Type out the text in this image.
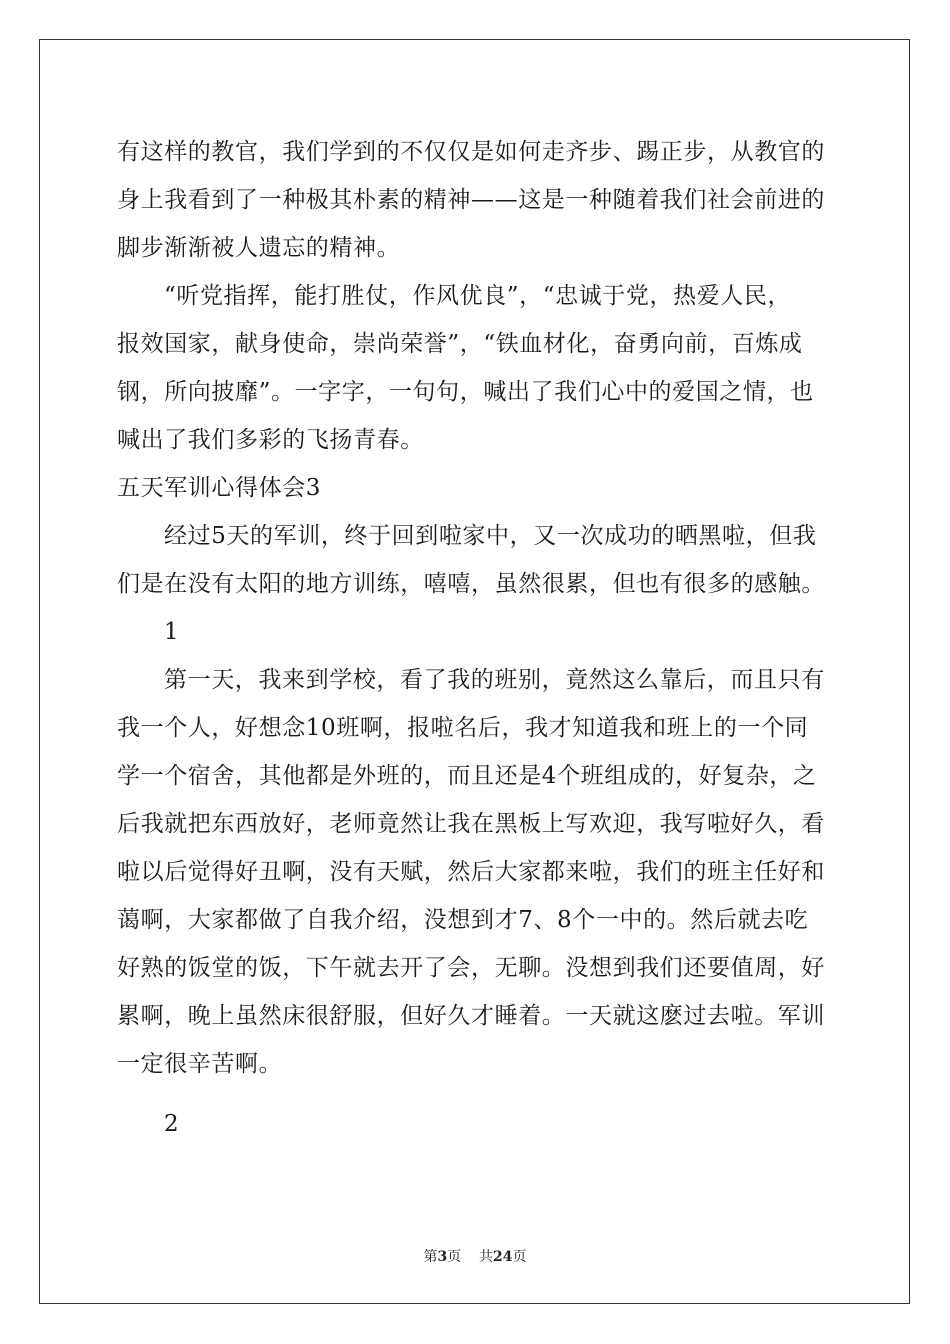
有这样的教官，我们学到的不仅仅是如何走齐步、踢正步，从教官的
身上我看到了一种极其朴素的精神——这是一种随着我们社会前进的
脚步渐渐被人遗忘的精神。
“听党指挥，能打胜仗，作风优良”，“忠诚于党，热爱人民，
报效国家，献身使命，崇尚荣誉”，“铁血材化，奋勇向前，百炼成
钢，所向披靡”。一字字，一句句，喊出了我们心中的爱国之情，也
喊出了我们多彩的飞扬青春。
五天军训心得体会3
经过5天的军训，终于回到啦家中，又一次成功的晒黑啦，但我
们是在没有太阳的地方训练，嘻嘻，虽然很累，但也有很多的感触。
1
第一天，我来到学校，看了我的班别，竟然这么靠后，而且只有
我一个人，好想念10班啊，报啦名后，我才知道我和班上的一个同
学一个宿舍，其他都是外班的，而且还是4个班组成的，好复杂，之
后我就把东西放好，老师竟然让我在黑板上写欢迎，我写啦好久，看
啦以后觉得好丑啊，没有天赋，然后大家都来啦，我们的班主任好和
蔼啊，大家都做了自我介绍，没想到才7、8个一中的。然后就去吃
好熟的饭堂的饭，下午就去开了会，无聊。没想到我们还要值周，好
累啊，晚上虽然床很舒服，但好久才睡着。一天就这麽过去啦。军训
一定很辛苦啊。
2
第3页 共24页
